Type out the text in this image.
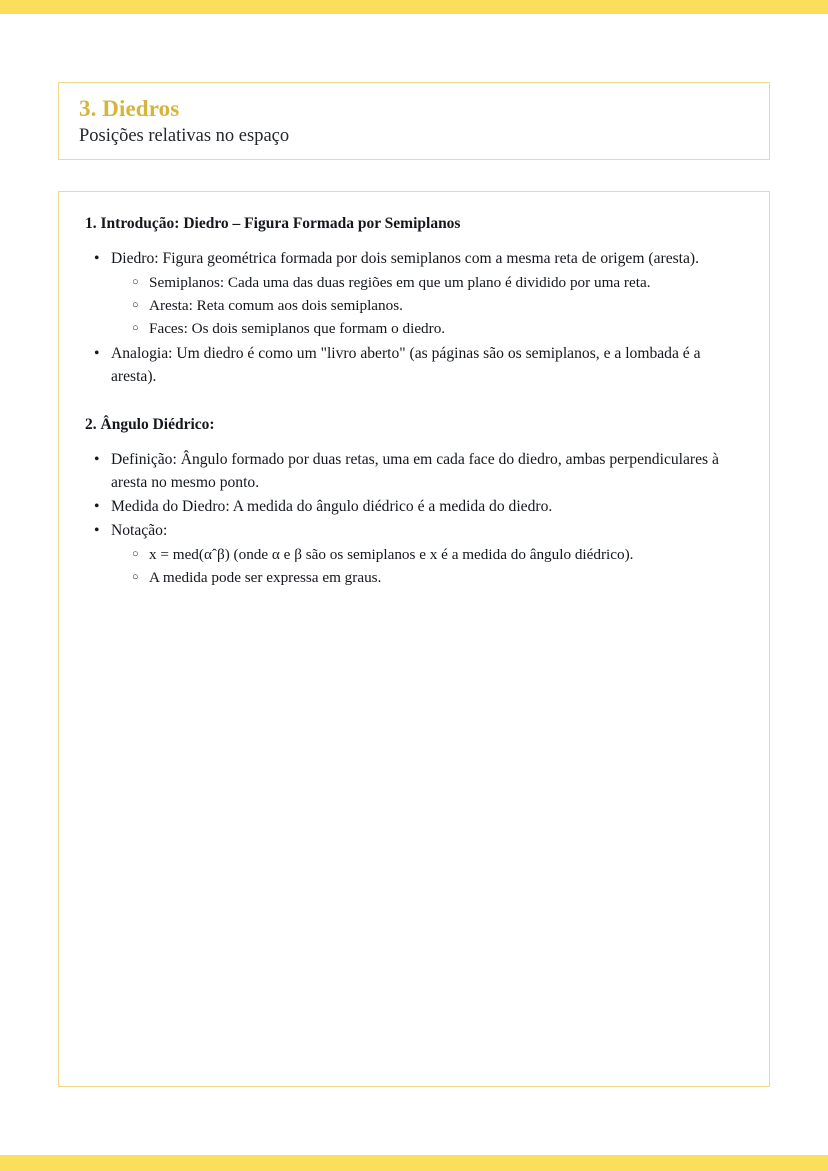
3. Diedros
Posições relativas no espaço
1. Introdução: Diedro – Figura Formada por Semiplanos
• Diedro: Figura geométrica formada por dois semiplanos com a mesma reta de origem (aresta).
○ Semiplanos: Cada uma das duas regiões em que um plano é dividido por uma reta.
○ Aresta: Reta comum aos dois semiplanos.
○ Faces: Os dois semiplanos que formam o diedro.
• Analogia: Um diedro é como um "livro aberto" (as páginas são os semiplanos, e a lombada é a aresta).
2. Ângulo Diédrico:
• Definição: Ângulo formado por duas retas, uma em cada face do diedro, ambas perpendiculares à aresta no mesmo ponto.
• Medida do Diedro: A medida do ângulo diédrico é a medida do diedro.
• Notação:
○ x = med(αˆβ) (onde α e β são os semiplanos e x é a medida do ângulo diédrico).
○ A medida pode ser expressa em graus.
